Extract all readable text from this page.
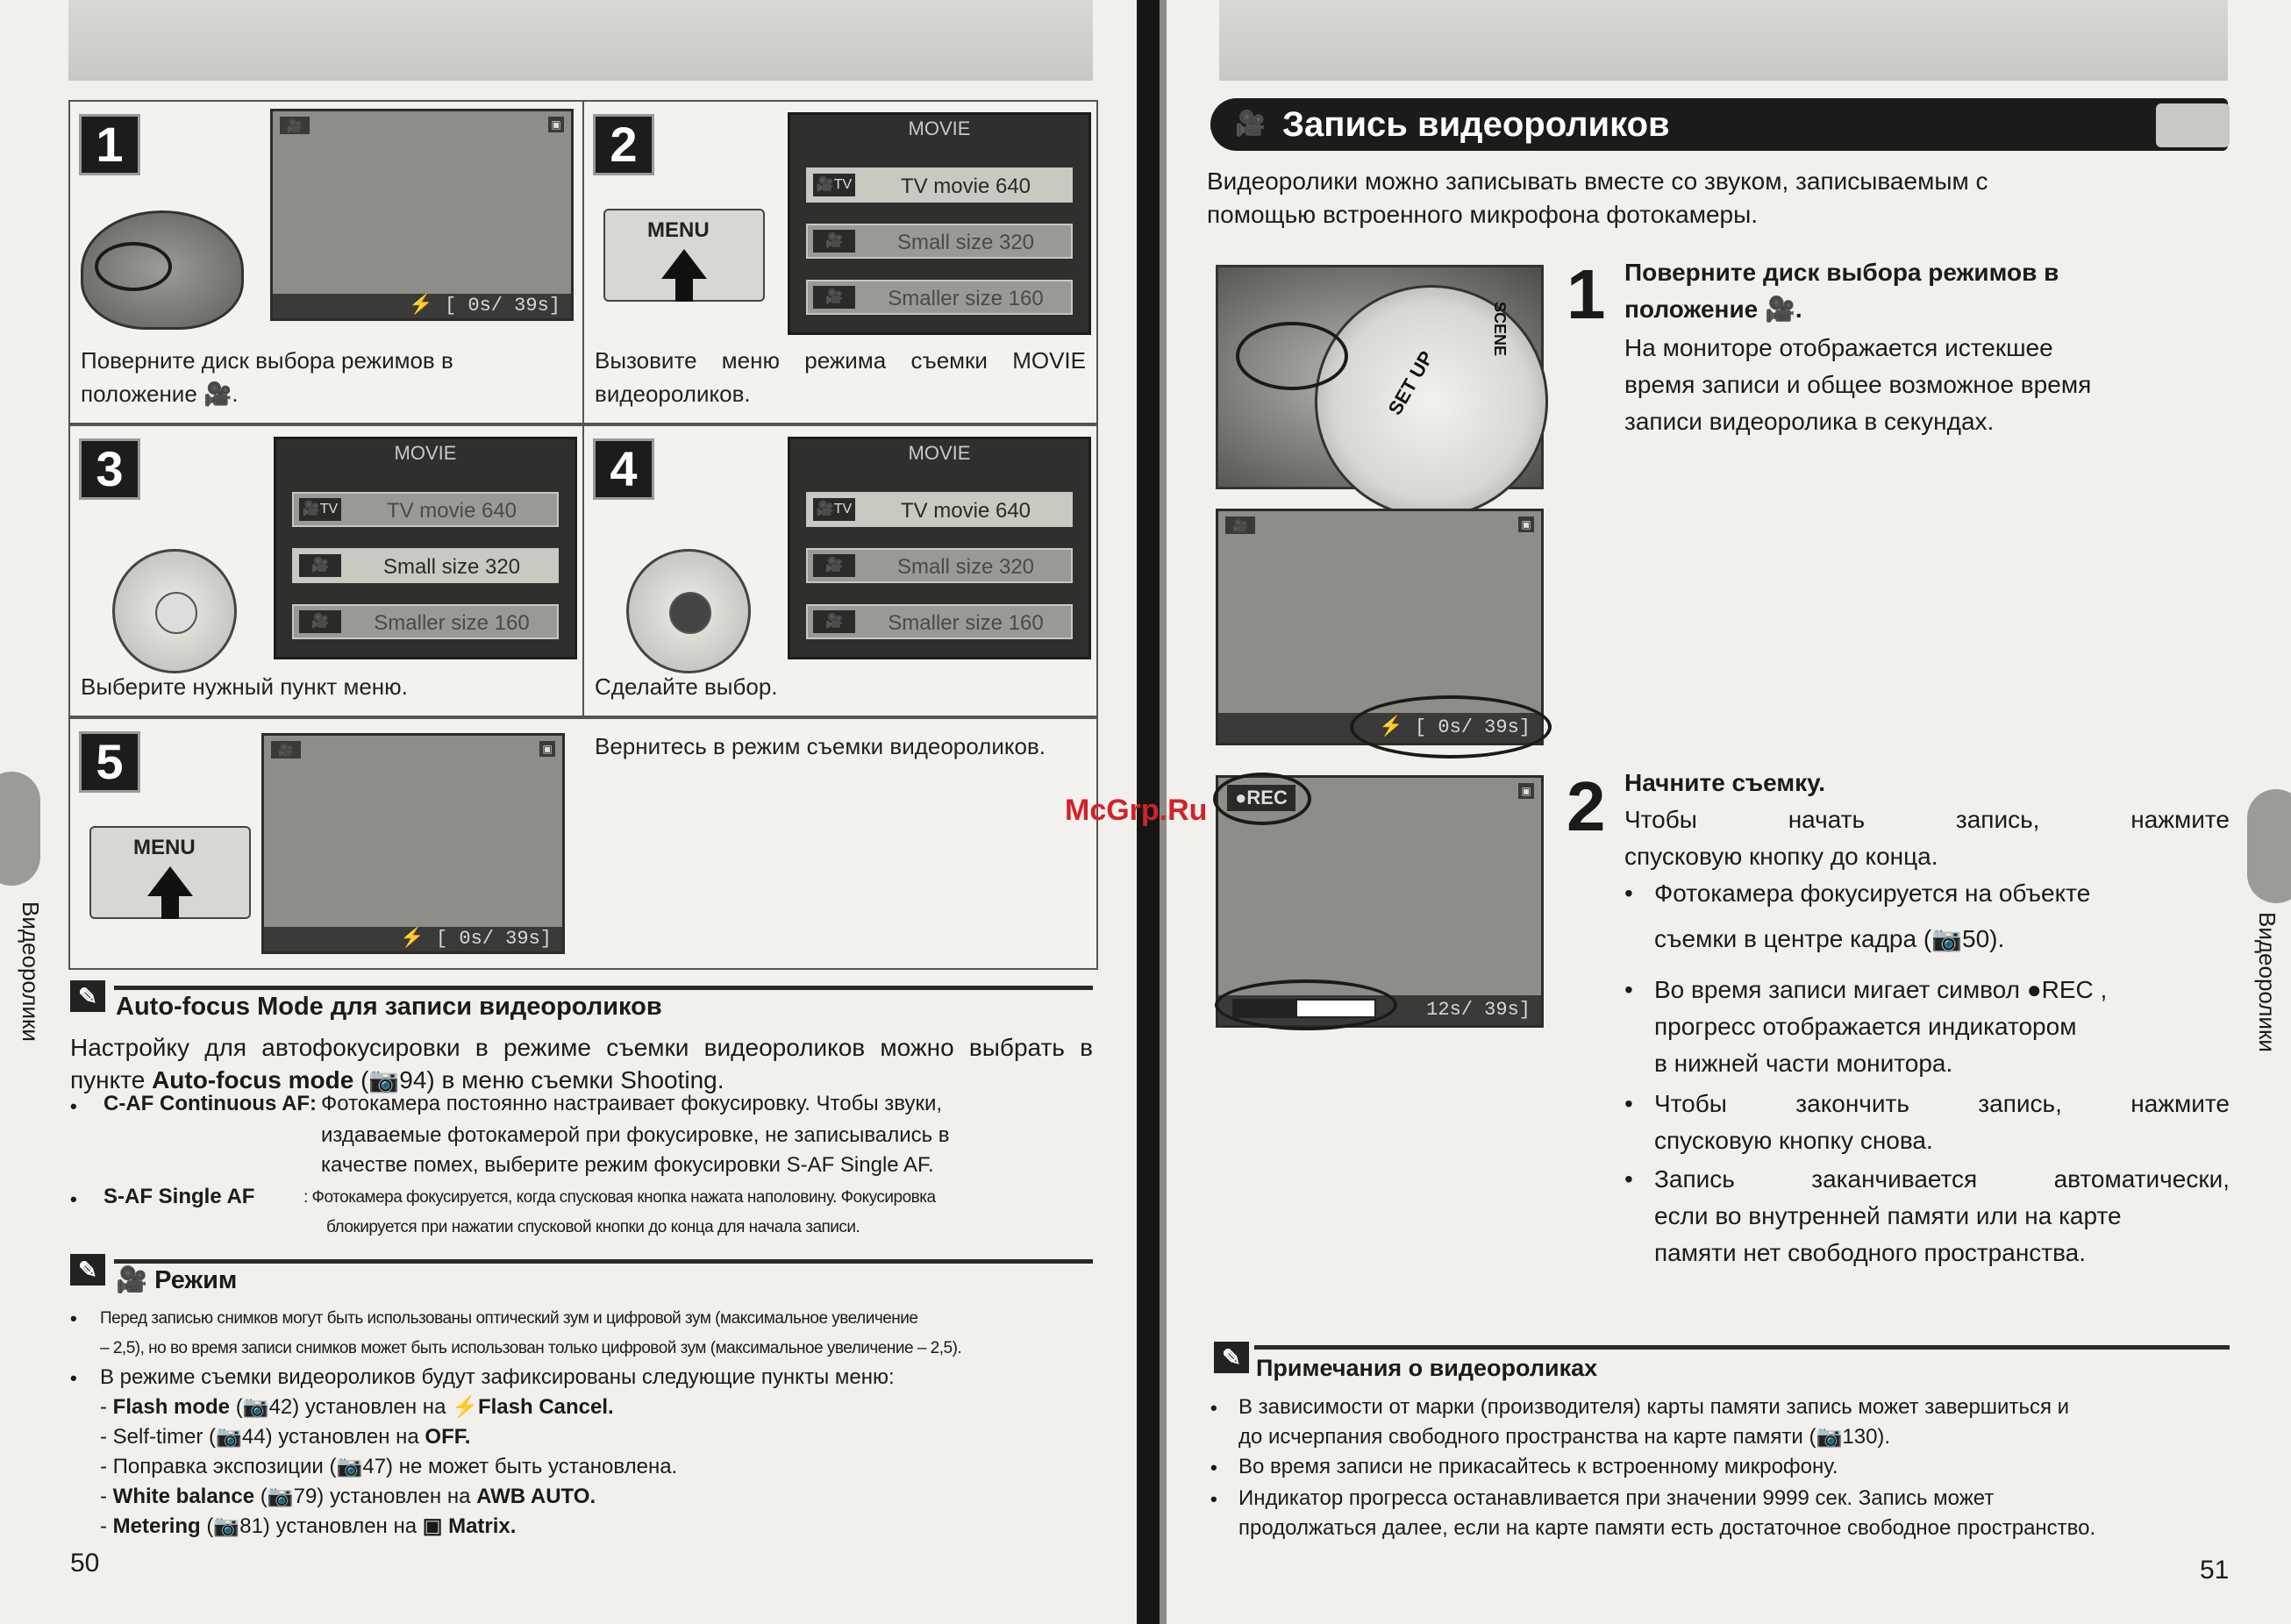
1	🎥	▣
⚡ [ 0s/ 39s]
Поверните диск выбора режимов в положение 🎥.
2
MENU
MOVIE
🎥TV TV movie 640
🎥	Small size 320
🎥	Smaller size 160
Вызовите меню режима съемки MOVIE видеороликов.
3	MOVIE
🎥TV TV movie 640
🎥	Small size 320
🎥	Smaller size 160
Выберите нужный пункт меню.
4	MOVIE
🎥TV TV movie 640
🎥	Small size 320
🎥	Smaller size 160
Сделайте выбор.
5
MENU
🎥	▣
⚡ [ 0s/ 39s]
Вернитесь в режим съемки видеороликов.
✎ Auto-focus Mode для записи видеороликов
Настройку для автофокусировки в режиме съемки видеороликов можно выбрать в пункте Auto-focus mode (📷94) в меню съемки Shooting.
• C-AF Continuous AF: Фотокамера постоянно настраивает фокусировку. Чтобы звуки,
издаваемые фотокамерой при фокусировке, не записывались в
качестве помех, выберите режим фокусировки S-AF Single AF.
• S-AF Single AF	: Фотокамера фокусируется, когда спусковая кнопка нажата наполовину. Фокусировка
блокируется при нажатии спусковой кнопки до конца для начала записи.
✎ 🎥 Режим
• Перед записью снимков могут быть использованы оптический зум и цифровой зум (максимальное увеличение
– 2,5), но во время записи снимков может быть использован только цифровой зум (максимальное увеличение – 2,5).
• В режиме съемки видеороликов будут зафиксированы следующие пункты меню:
- Flash mode (📷42) установлен на ⚡Flash Cancel.
- Self-timer (📷44) установлен на OFF.
- Поправка экспозиции (📷47) не может быть установлена.
- White balance (📷79) установлен на AWB AUTO.
- Metering (📷81) установлен на ▣ Matrix.
Видеоролики
50
🎥 Запись видеороликов
Видеоролики можно записывать вместе со звуком, записываемым с
помощью встроенного микрофона фотокамеры.
SET UP
SCENE
🎥	▣
⚡ [ 0s/ 39s]
1 Поверните диск выбора режимов в
положение 🎥.
На мониторе отображается истекшее
время записи и общее возможное время
записи видеоролика в секундах.
●REC	▣
12s/ 39s]
McGrp.Ru	2 Начните съемку.
Чтобы начать запись, нажмите
спусковую кнопку до конца.
• Фотокамера фокусируется на объекте
съемки в центре кадра (📷50).
• Во время записи мигает символ ●REC ,
прогресс отображается индикатором
в нижней части монитора.
• Чтобы закончить запись, нажмите
спусковую кнопку снова.
• Запись заканчивается автоматически,
если во внутренней памяти или на карте
памяти нет свободного пространства.
✎ Примечания о видеороликах
• В зависимости от марки (производителя) карты памяти запись может завершиться и
до исчерпания свободного пространства на карте памяти (📷130).
• Во время записи не прикасайтесь к встроенному микрофону.
• Индикатор прогресса останавливается при значении 9999 сек. Запись может
продолжаться далее, если на карте памяти есть достаточное свободное пространство.
Видеоролики
51
